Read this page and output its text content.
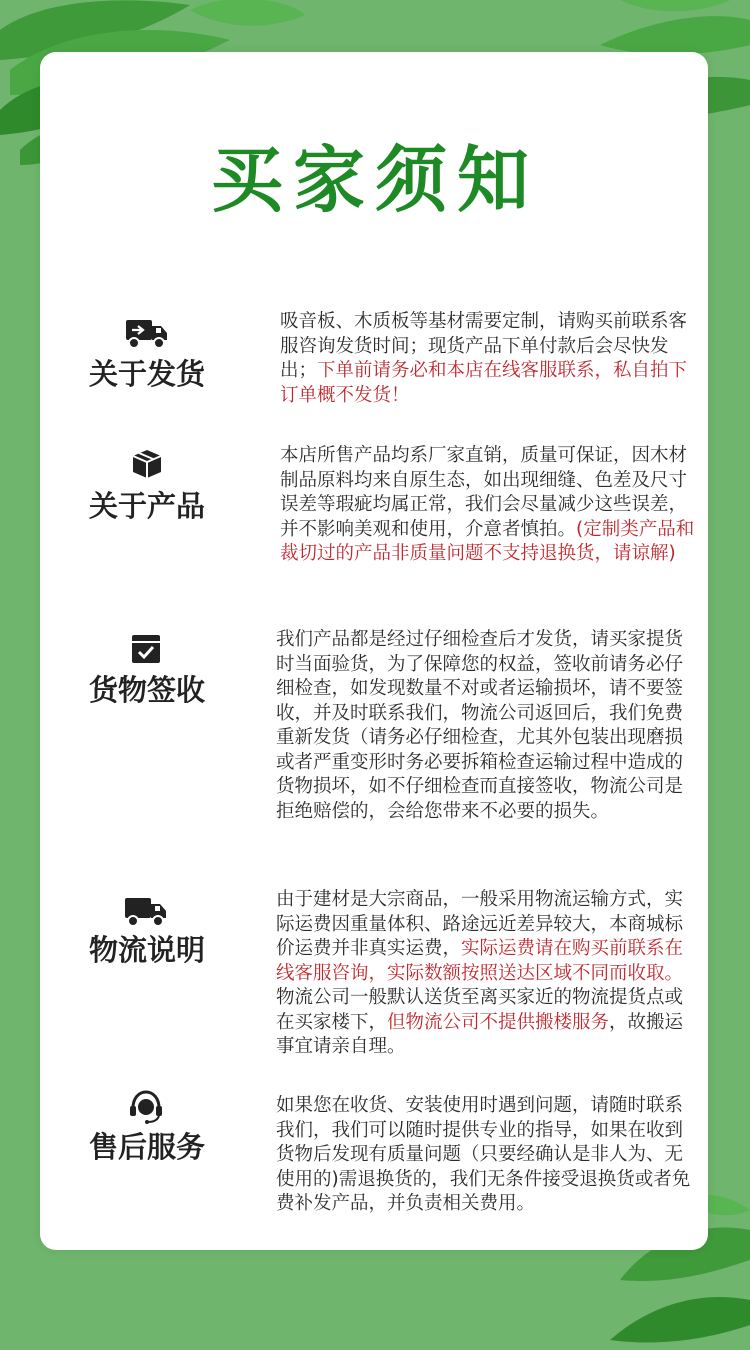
买家须知
关于发货
吸音板、木质板等基材需要定制，请购买前联系客服咨询发货时间；现货产品下单付款后会尽快发出；下单前请务必和本店在线客服联系，私自拍下订单概不发货！
关于产品
本店所售产品均系厂家直销，质量可保证，因木材制品原料均来自原生态，如出现细缝、色差及尺寸误差等瑕疵均属正常，我们会尽量减少这些误差，并不影响美观和使用，介意者慎拍。(定制类产品和裁切过的产品非质量问题不支持退换货，请谅解)
货物签收
我们产品都是经过仔细检查后才发货，请买家提货时当面验货，为了保障您的权益，签收前请务必仔细检查，如发现数量不对或者运输损坏，请不要签收，并及时联系我们，物流公司返回后，我们免费重新发货（请务必仔细检查，尤其外包装出现磨损或者严重变形时务必要拆箱检查运输过程中造成的货物损坏，如不仔细检查而直接签收，物流公司是拒绝赔偿的，会给您带来不必要的损失。
物流说明
由于建材是大宗商品，一般采用物流运输方式，实际运费因重量体积、路途远近差异较大，本商城标价运费并非真实运费，实际运费请在购买前联系在线客服咨询，实际数额按照送达区域不同而收取。物流公司一般默认送货至离买家近的物流提货点或在买家楼下，但物流公司不提供搬楼服务，故搬运事宜请亲自理。
售后服务
如果您在收货、安装使用时遇到问题，请随时联系我们，我们可以随时提供专业的指导，如果在收到货物后发现有质量问题（只要经确认是非人为、无使用的)需退换货的，我们无条件接受退换货或者免费补发产品，并负责相关费用。
